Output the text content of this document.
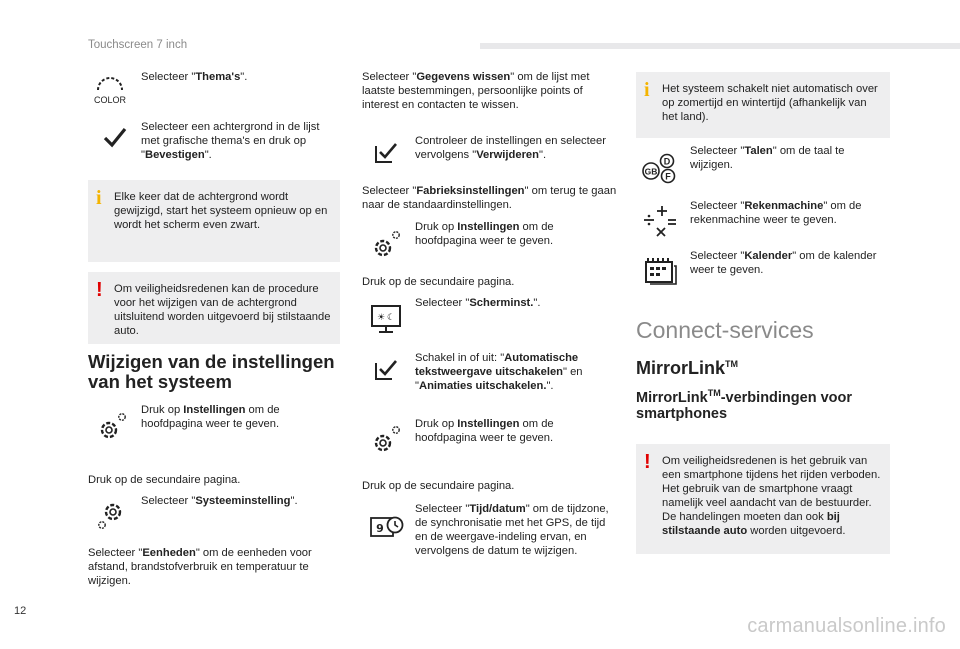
Touchscreen 7 inch
12
carmanualsonline.info
COLOR
Selecteer "Thema's".
Selecteer een achtergrond in de lijst met grafische thema's en druk op "Bevestigen".
i Elke keer dat de achtergrond wordt gewijzigd, start het systeem opnieuw op en wordt het scherm even zwart.
! Om veiligheidsredenen kan de procedure voor het wijzigen van de achtergrond uitsluitend worden uitgevoerd bij stilstaande auto.
Wijzigen van de instellingen van het systeem
Druk op Instellingen om de hoofdpagina weer te geven.
Druk op de secundaire pagina.
Selecteer "Systeeminstelling".
Selecteer "Eenheden" om de eenheden voor afstand, brandstofverbruik en temperatuur te wijzigen.
Selecteer "Gegevens wissen" om de lijst met laatste bestemmingen, persoonlijke points of interest en contacten te wissen.
Controleer de instellingen en selecteer vervolgens "Verwijderen".
Selecteer "Fabrieksinstellingen" om terug te gaan naar de standaardinstellingen.
Druk op Instellingen om de hoofdpagina weer te geven.
Druk op de secundaire pagina.
☀ ☾
Selecteer "Scherminst.".
Schakel in of uit: "Automatische tekstweergave uitschakelen" en "Animaties uitschakelen.".
Druk op Instellingen om de hoofdpagina weer te geven.
Druk op de secundaire pagina.
9
Selecteer "Tijd/datum" om de tijdzone, de synchronisatie met het GPS, de tijd en de weergave-indeling ervan, en vervolgens de datum te wijzigen.
i Het systeem schakelt niet automatisch over op zomertijd en wintertijd (afhankelijk van het land).
D
GB F
Selecteer "Talen" om de taal te wijzigen.
Selecteer "Rekenmachine" om de rekenmachine weer te geven.
Selecteer "Kalender" om de kalender weer te geven.
Connect-services
MirrorLink™
MirrorLink™-verbindingen voor smartphones
! Om veiligheidsredenen is het gebruik van een smartphone tijdens het rijden verboden. Het gebruik van de smartphone vraagt namelijk veel aandacht van de bestuurder.
De handelingen moeten dan ook bij stilstaande auto worden uitgevoerd.
